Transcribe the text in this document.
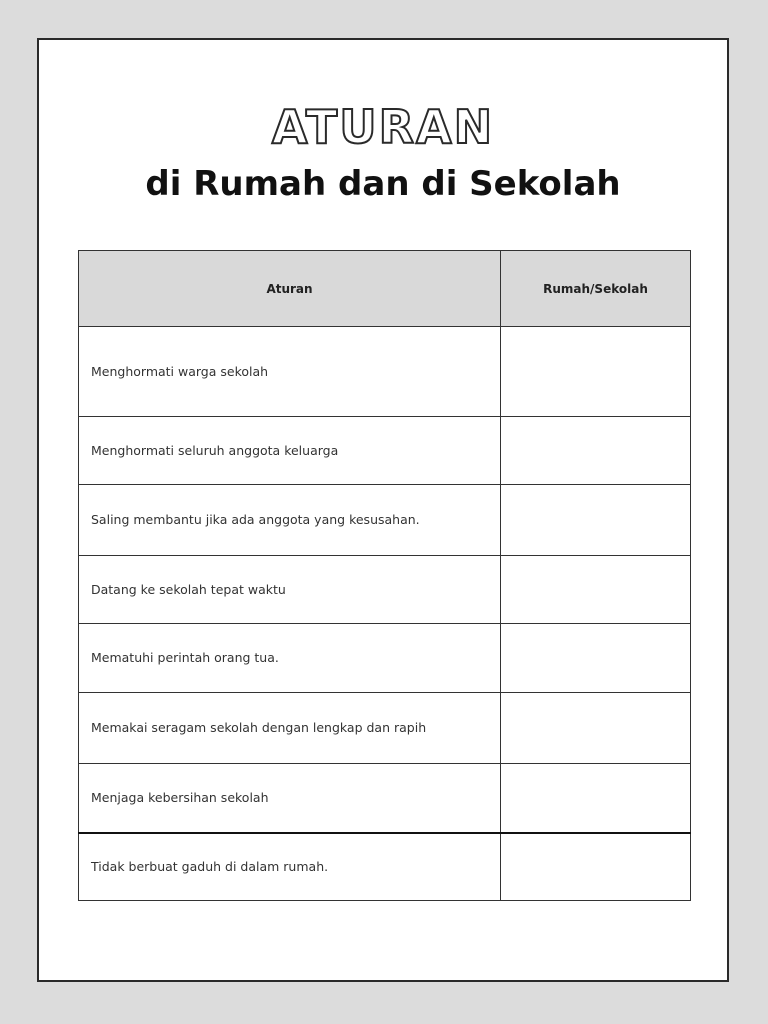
ATURAN
di Rumah dan di Sekolah
Aturan	Rumah/Sekolah
Menghormati warga sekolah	
Menghormati seluruh anggota keluarga	
Saling membantu jika ada anggota yang kesusahan.	
Datang ke sekolah tepat waktu	
Mematuhi perintah orang tua.	
Memakai seragam sekolah dengan lengkap dan rapih	
Menjaga kebersihan sekolah	
Tidak berbuat gaduh di dalam rumah.	
